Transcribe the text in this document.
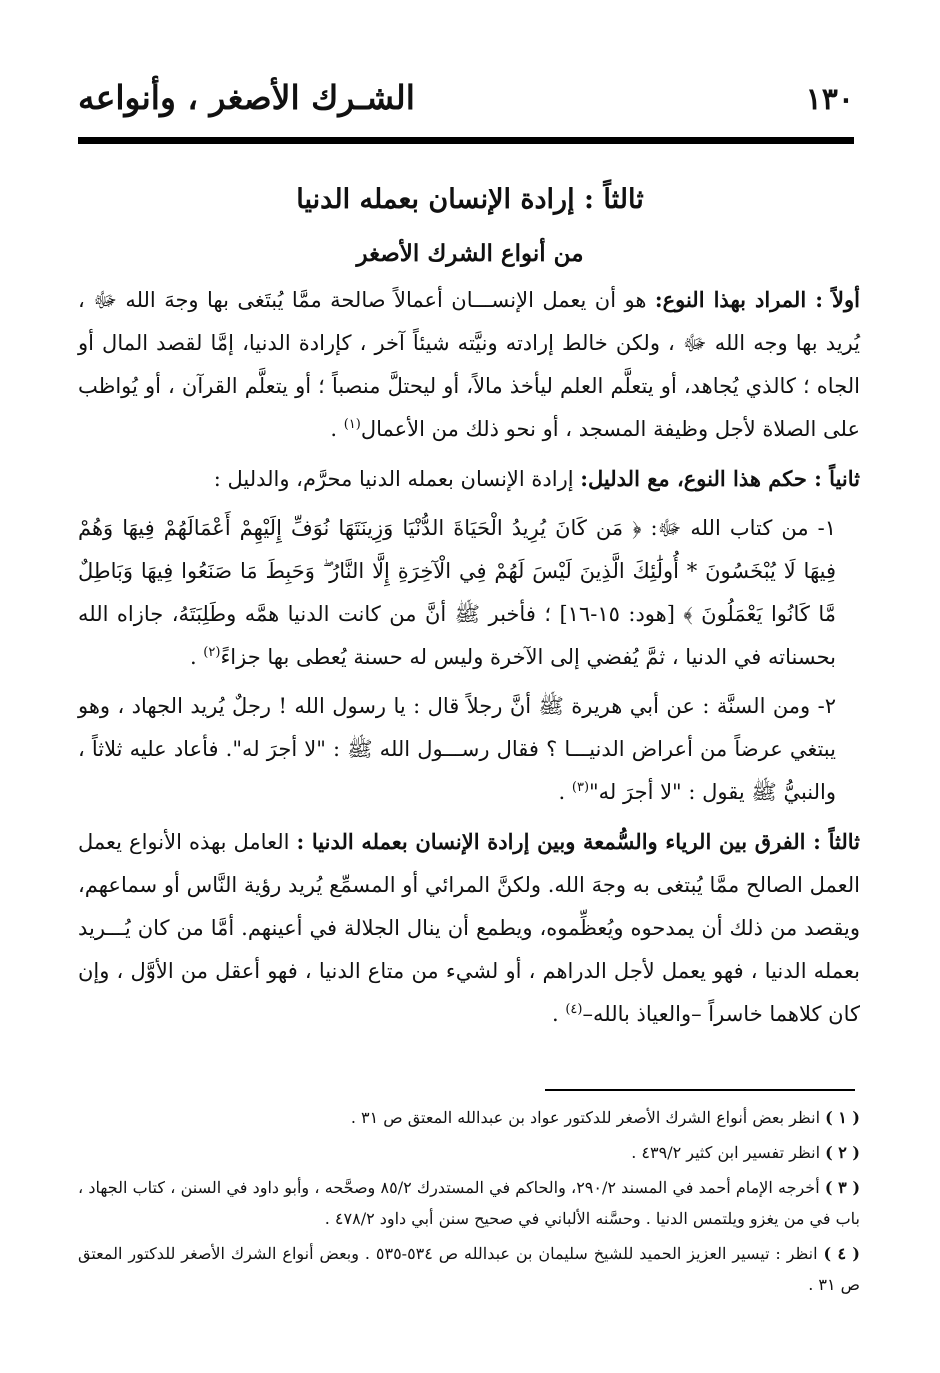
١٣٠
الشـرك الأصغر ، وأنواعه
ثالثاً : إرادة الإنسان بعمله الدنيا
من أنواع الشرك الأصغر

أولاً : المراد بهذا النوع: هو أن يعمل الإنســـان أعمالاً صالحة ممَّا يُبتَغى بها وجهَ الله ﷻ ، يُريد بها وجه الله ﷻ ، ولكن خالط إرادته ونيَّته شيئاً آخر ، كإرادة الدنيا، إمَّا لقصد المال أو الجاه ؛ كالذي يُجاهد، أو يتعلَّم العلم ليأخذ مالاً، أو ليحتلَّ منصباً ؛ أو يتعلَّم القرآن ، أو يُواظب على الصلاة لأجل وظيفة المسجد ، أو نحو ذلك من الأعمال$^{(١)}$ .

ثانياً : حكم هذا النوع، مع الدليل: إرادة الإنسان بعمله الدنيا محرَّم، والدليل :

١- من كتاب الله ﷻ: ﴿ مَن كَانَ يُرِيدُ الْحَيَاةَ الدُّنْيَا وَزِينَتَهَا نُوَفِّ إِلَيْهِمْ أَعْمَالَهُمْ فِيهَا وَهُمْ فِيهَا لَا يُبْخَسُونَ * أُولَٰئِكَ الَّذِينَ لَيْسَ لَهُمْ فِي الْآخِرَةِ إِلَّا النَّارُ ۖ وَحَبِطَ مَا صَنَعُوا فِيهَا وَبَاطِلٌ مَّا كَانُوا يَعْمَلُونَ ﴾ [هود: ١٥-١٦] ؛ فأخبر ﷺ أنَّ من كانت الدنيا همَّه وطَلِبَتَهُ، جازاه الله بحسناته في الدنيا ، ثمَّ يُفضي إلى الآخرة وليس له حسنة يُعطى بها جزاءً$^{(٢)}$ .

٢- ومن السنَّة : عن أبي هريرة ﷺ أنَّ رجلاً قال : يا رسول الله ! رجلٌ يُريد الجهاد ، وهو يبتغي عرضاً من أعراض الدنيـــا ؟ فقال رســـول الله ﷺ : "لا أجرَ له". فأعاد عليه ثلاثاً ، والنبيُّ ﷺ يقول : "لا أجرَ له"$^{(٣)}$ .

ثالثاً : الفرق بين الرياء والسُّمعة وبين إرادة الإنسان بعمله الدنيا : العامل بهذه الأنواع يعمل العمل الصالح ممَّا يُبتغى به وجهَ الله. ولكنَّ المرائي أو المسمِّع يُريد رؤية النَّاس أو سماعهم، ويقصد من ذلك أن يمدحوه ويُعظِّموه، ويطمع أن ينال الجلالة في أعينهم. أمَّا من كان يُـــريد بعمله الدنيا ، فهو يعمل لأجل الدراهم ، أو لشيء من متاع الدنيا ، فهو أعقل من الأوَّل ، وإن كان كلاهما خاسراً –والعياذ بالله–$^{(٤)}$ .

( ١ ) انظر بعض أنواع الشرك الأصغر للدكتور عواد بن عبدالله المعتق ص ٣١ .

( ٢ ) انظر تفسير ابن كثير ٤٣٩/٢ .

( ٣ ) أخرجه الإمام أحمد في المسند ٢٩٠/٢، والحاكم في المستدرك ٨٥/٢ وصحَّحه ، وأبو داود في السنن ، كتاب الجهاد ، باب في من يغزو ويلتمس الدنيا . وحسَّنه الألباني في صحيح سنن أبي داود ٤٧٨/٢ .

( ٤ ) انظر : تيسير العزيز الحميد للشيخ سليمان بن عبدالله ص ٥٣٤-٥٣٥ . وبعض أنواع الشرك الأصغر للدكتور المعتق ص ٣١ .
